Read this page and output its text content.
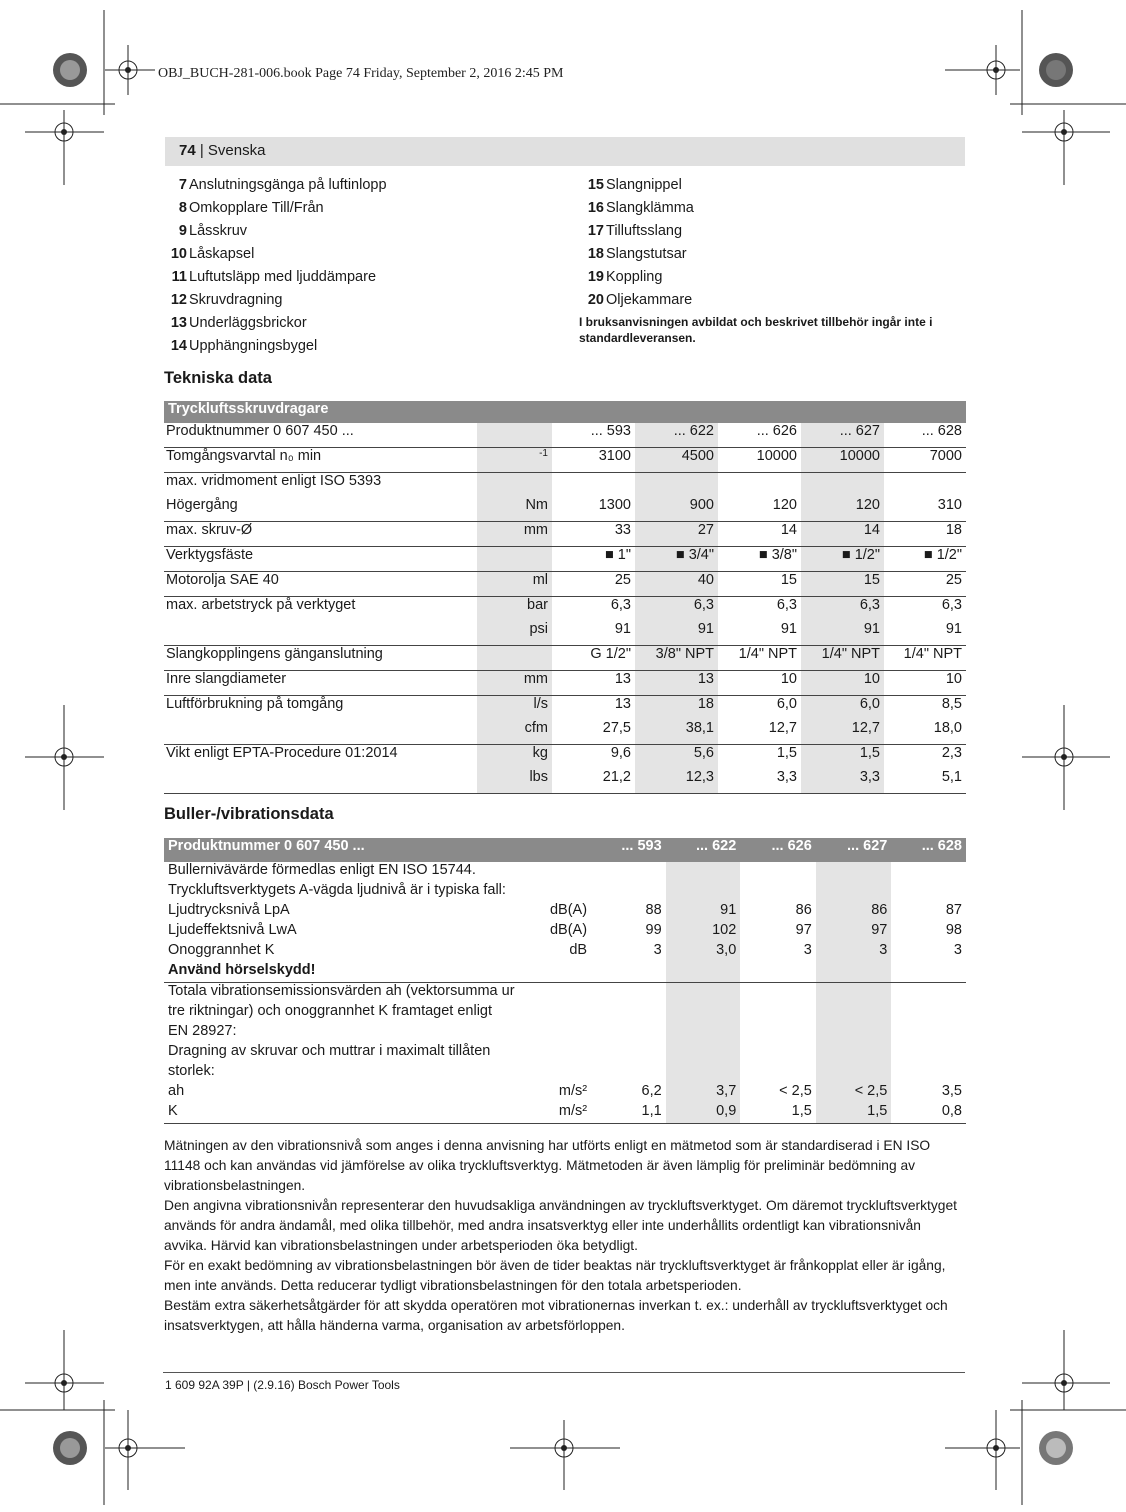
OBJ_BUCH-281-006.book Page 74 Friday, September 2, 2016 2:45 PM
74 | Svenska
7 Anslutningsgänga på luftinlopp
8 Omkopplare Till/Från
9 Låsskruv
10 Låskapsel
11 Luftutsläpp med ljuddämpare
12 Skruvdragning
13 Underläggsbrickor
14 Upphängningsbygel
15 Slangnippel
16 Slangklämma
17 Tilluftsslang
18 Slangstutsar
19 Koppling
20 Oljekammare
I bruksanvisningen avbildat och beskrivet tillbehör ingår inte i standardleveransen.
Tekniska data
Tryckluftsskruvdragare						
Produktnummer 0 607 450 ...		... 593	... 622	... 626	... 627	... 628
Tomgångsvarvtal n₀ min	-1	3100	4500	10000	10000	7000
max. vridmoment enligt ISO 5393						
Högergång	Nm	1300	900	120	120	310
max. skruv-Ø	mm	33	27	14	14	18
Verktygsfäste		■ 1"	■ 3/4"	■ 3/8"	■ 1/2"	■ 1/2"
Motorolja SAE 40	ml	25	40	15	15	25
max. arbetstryck på verktyget	bar	6,3	6,3	6,3	6,3	6,3
	psi	91	91	91	91	91
Slangkopplingens gänganslutning		G 1/2"	3/8" NPT	1/4" NPT	1/4" NPT	1/4" NPT
Inre slangdiameter	mm	13	13	10	10	10
Luftförbrukning på tomgång	l/s	13	18	6,0	6,0	8,5
	cfm	27,5	38,1	12,7	12,7	18,0
Vikt enligt EPTA-Procedure 01:2014	kg	9,6	5,6	1,5	1,5	2,3
	lbs	21,2	12,3	3,3	3,3	5,1
Buller-/vibrationsdata
Produktnummer 0 607 450 ...		... 593	... 622	... 626	... 627	... 628
Bullernivävärde förmedlas enligt EN ISO 15744.						
Tryckluftsverktygets A-vägda ljudnivå är i typiska fall:						
Ljudtrycksnivå LpA	dB(A)	88	91	86	86	87
Ljudeffektsnivå LwA	dB(A)	99	102	97	97	98
Onoggrannhet K	dB	3	3,0	3	3	3
Använd hörselskydd!						
Totala vibrationsemissionsvärden ah (vektorsumma ur						
tre riktningar) och onoggrannhet K framtaget enligt						
EN 28927:						
Dragning av skruvar och muttrar i maximalt tillåten						
storlek:						
ah	m/s²	6,2	3,7	< 2,5	< 2,5	3,5
K	m/s²	1,1	0,9	1,5	1,5	0,8
Mätningen av den vibrationsnivå som anges i denna anvisning har utförts enligt en mätmetod som är standardiserad i EN ISO 11148 och kan användas vid jämförelse av olika tryckluftsverktyg. Mätmetoden är även lämplig för preliminär bedömning av vibrationsbelastningen.
Den angivna vibrationsnivån representerar den huvudsakliga användningen av tryckluftsverktyget. Om däremot tryckluftsverktyget används för andra ändamål, med olika tillbehör, med andra insatsverktyg eller inte underhållits ordentligt kan vibrationsnivån avvika. Härvid kan vibrationsbelastningen under arbetsperioden öka betydligt.
För en exakt bedömning av vibrationsbelastningen bör även de tider beaktas när tryckluftsverktyget är frånkopplat eller är igång, men inte används. Detta reducerar tydligt vibrationsbelastningen för den totala arbetsperioden.
Bestäm extra säkerhetsåtgärder för att skydda operatören mot vibrationernas inverkan t. ex.: underhåll av tryckluftsverktyget och insatsverktygen, att hålla händerna varma, organisation av arbetsförloppen.
1 609 92A 39P | (2.9.16) Bosch Power Tools
